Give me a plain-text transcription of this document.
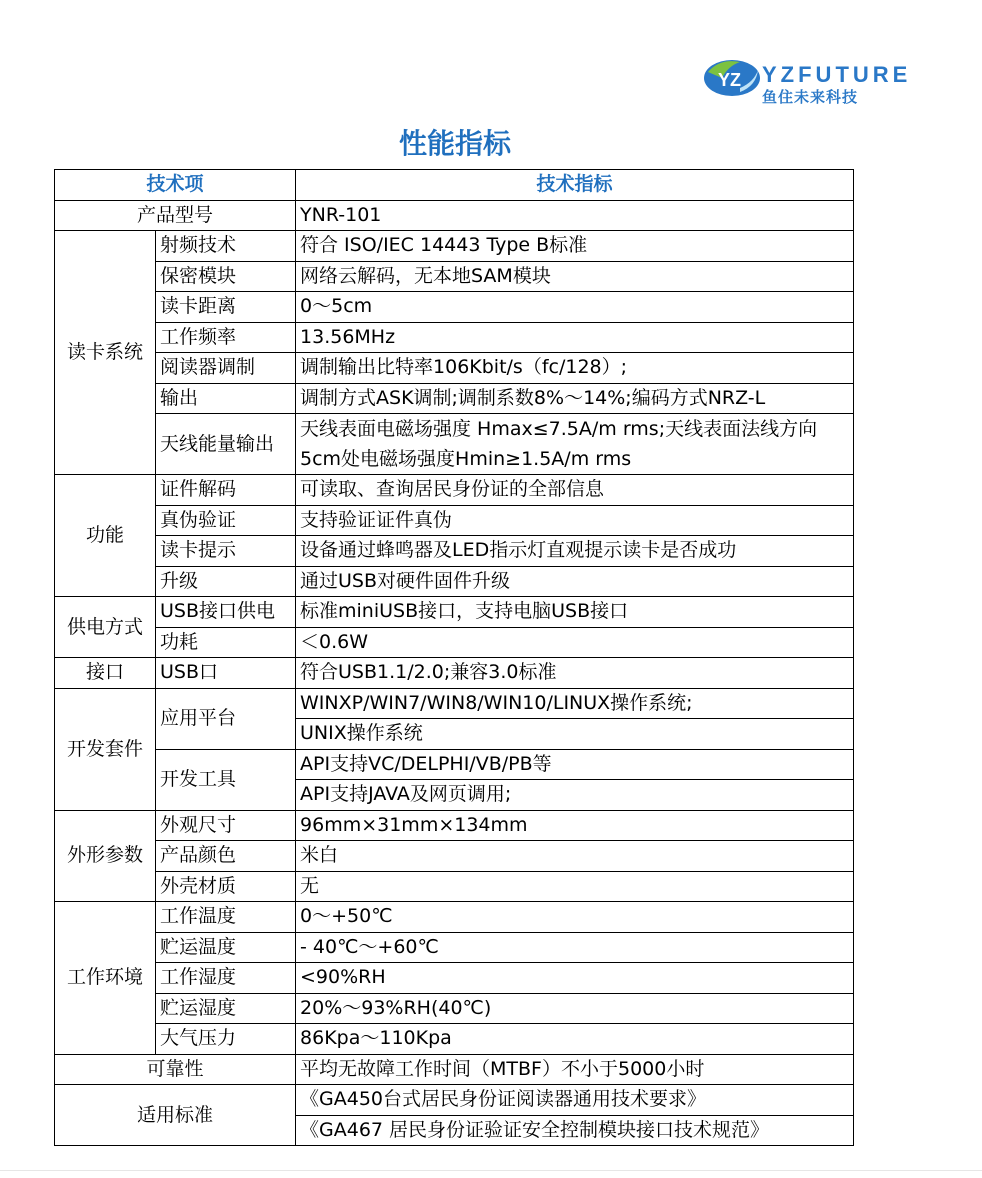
YZ YZFUTURE
鱼住未来科技
性能指标
技术项		技术指标
产品型号		YNR-101
读卡系统	射频技术	符合 ISO/IEC 14443 Type B标准
	保密模块	网络云解码，无本地SAM模块
	读卡距离	0～5cm
	工作频率	13.56MHz
	阅读器调制	调制输出比特率106Kbit/s（fc/128）;
	输出	调制方式ASK调制;调制系数8%～14%;编码方式NRZ-L
	天线能量输出	天线表面电磁场强度 Hmax≤7.5A/m rms;天线表面法线方向5cm处电磁场强度Hmin≥1.5A/m rms

功能	证件解码	可读取、查询居民身份证的全部信息
	真伪验证	支持验证证件真伪
	读卡提示	设备通过蜂鸣器及LED指示灯直观提示读卡是否成功
	升级	通过USB对硬件固件升级
供电方式	USB接口供电	标准miniUSB接口，支持电脑USB接口
	功耗	＜0.6W
接口	USB口	符合USB1.1/2.0;兼容3.0标准
开发套件	应用平台	WINXP/WIN7/WIN8/WIN10/LINUX操作系统;
		UNIX操作系统
	开发工具	API支持VC/DELPHI/VB/PB等
		API支持JAVA及网页调用;
外形参数	外观尺寸	96mm×31mm×134mm
	产品颜色	米白
	外壳材质	无
工作环境	工作温度	0～+50℃
	贮运温度	- 40℃～+60℃
	工作湿度	<90%RH
	贮运湿度	20%～93%RH(40℃)
	大气压力	86Kpa～110Kpa
可靠性		平均无故障工作时间（MTBF）不小于5000小时
适用标准		《GA450台式居民身份证阅读器通用技术要求》
		《GA467 居民身份证验证安全控制模块接口技术规范》
